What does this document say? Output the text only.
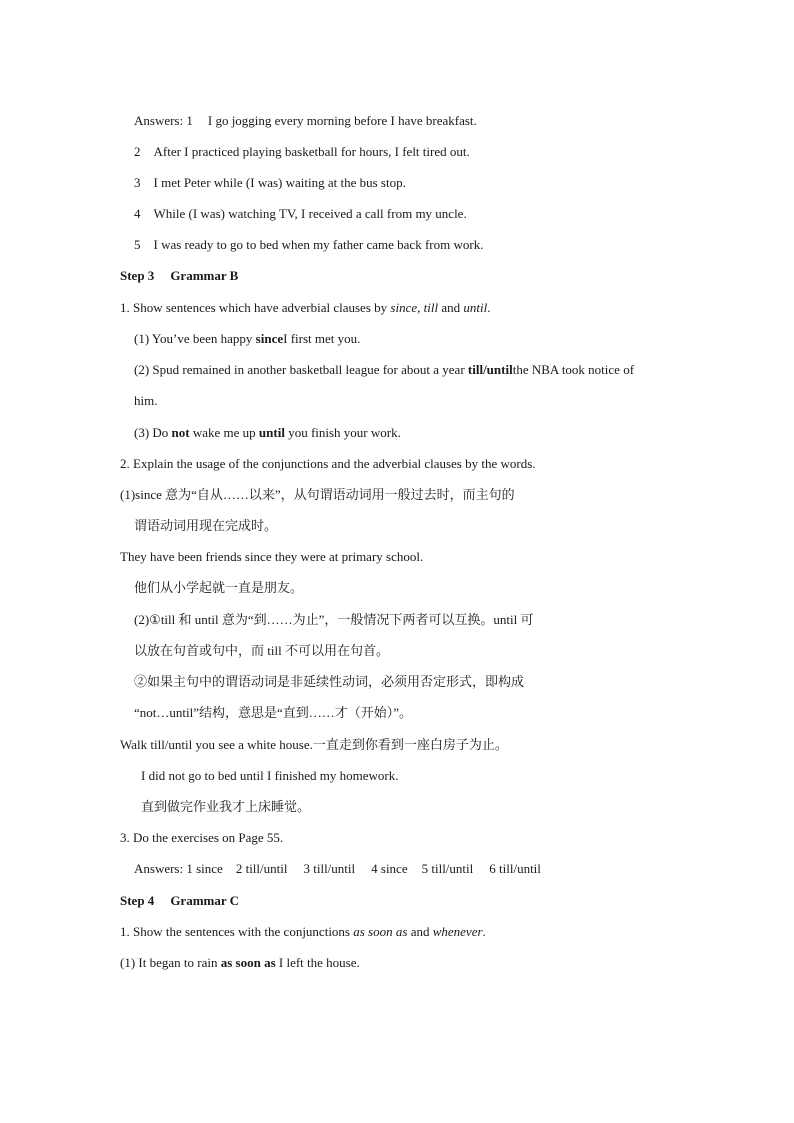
Answers: 1 I go jogging every morning before I have breakfast.
2 After I practiced playing basketball for hours, I felt tired out.
3 I met Peter while (I was) waiting at the bus stop.
4 While (I was) watching TV, I received a call from my uncle.
5 I was ready to go to bed when my father came back from work.
Step 3 Grammar B
1. Show sentences which have adverbial clauses by since, till and until.
(1) You’ve been happy sinceI first met you.
(2) Spud remained in another basketball league for about a year till/untilthe NBA took notice of
him.
(3) Do not wake me up until you finish your work.
2. Explain the usage of the conjunctions and the adverbial clauses by the words.
(1)since 意为“自从……以来”，从句谓语动词用一般过去时，而主句的
谓语动词用现在完成时。
They have been friends since they were at primary school.
他们从小学起就一直是朋友。
(2)①till 和 until 意为“到……为止”，一般情况下两者可以互换。until 可
以放在句首或句中，而 till 不可以用在句首。
②如果主句中的谓语动词是非延续性动词，必须用否定形式，即构成
“not…until”结构，意思是“直到……才（开始）”。
Walk till/until you see a white house.一直走到你看到一座白房子为止。
I did not go to bed until I finished my homework.
直到做完作业我才上床睡觉。
3. Do the exercises on Page 55.
Answers: 1 since 2 till/until 3 till/until 4 since 5 till/until 6 till/until
Step 4 Grammar C
1. Show the sentences with the conjunctions as soon as and whenever.
(1) It began to rain as soon as I left the house.
